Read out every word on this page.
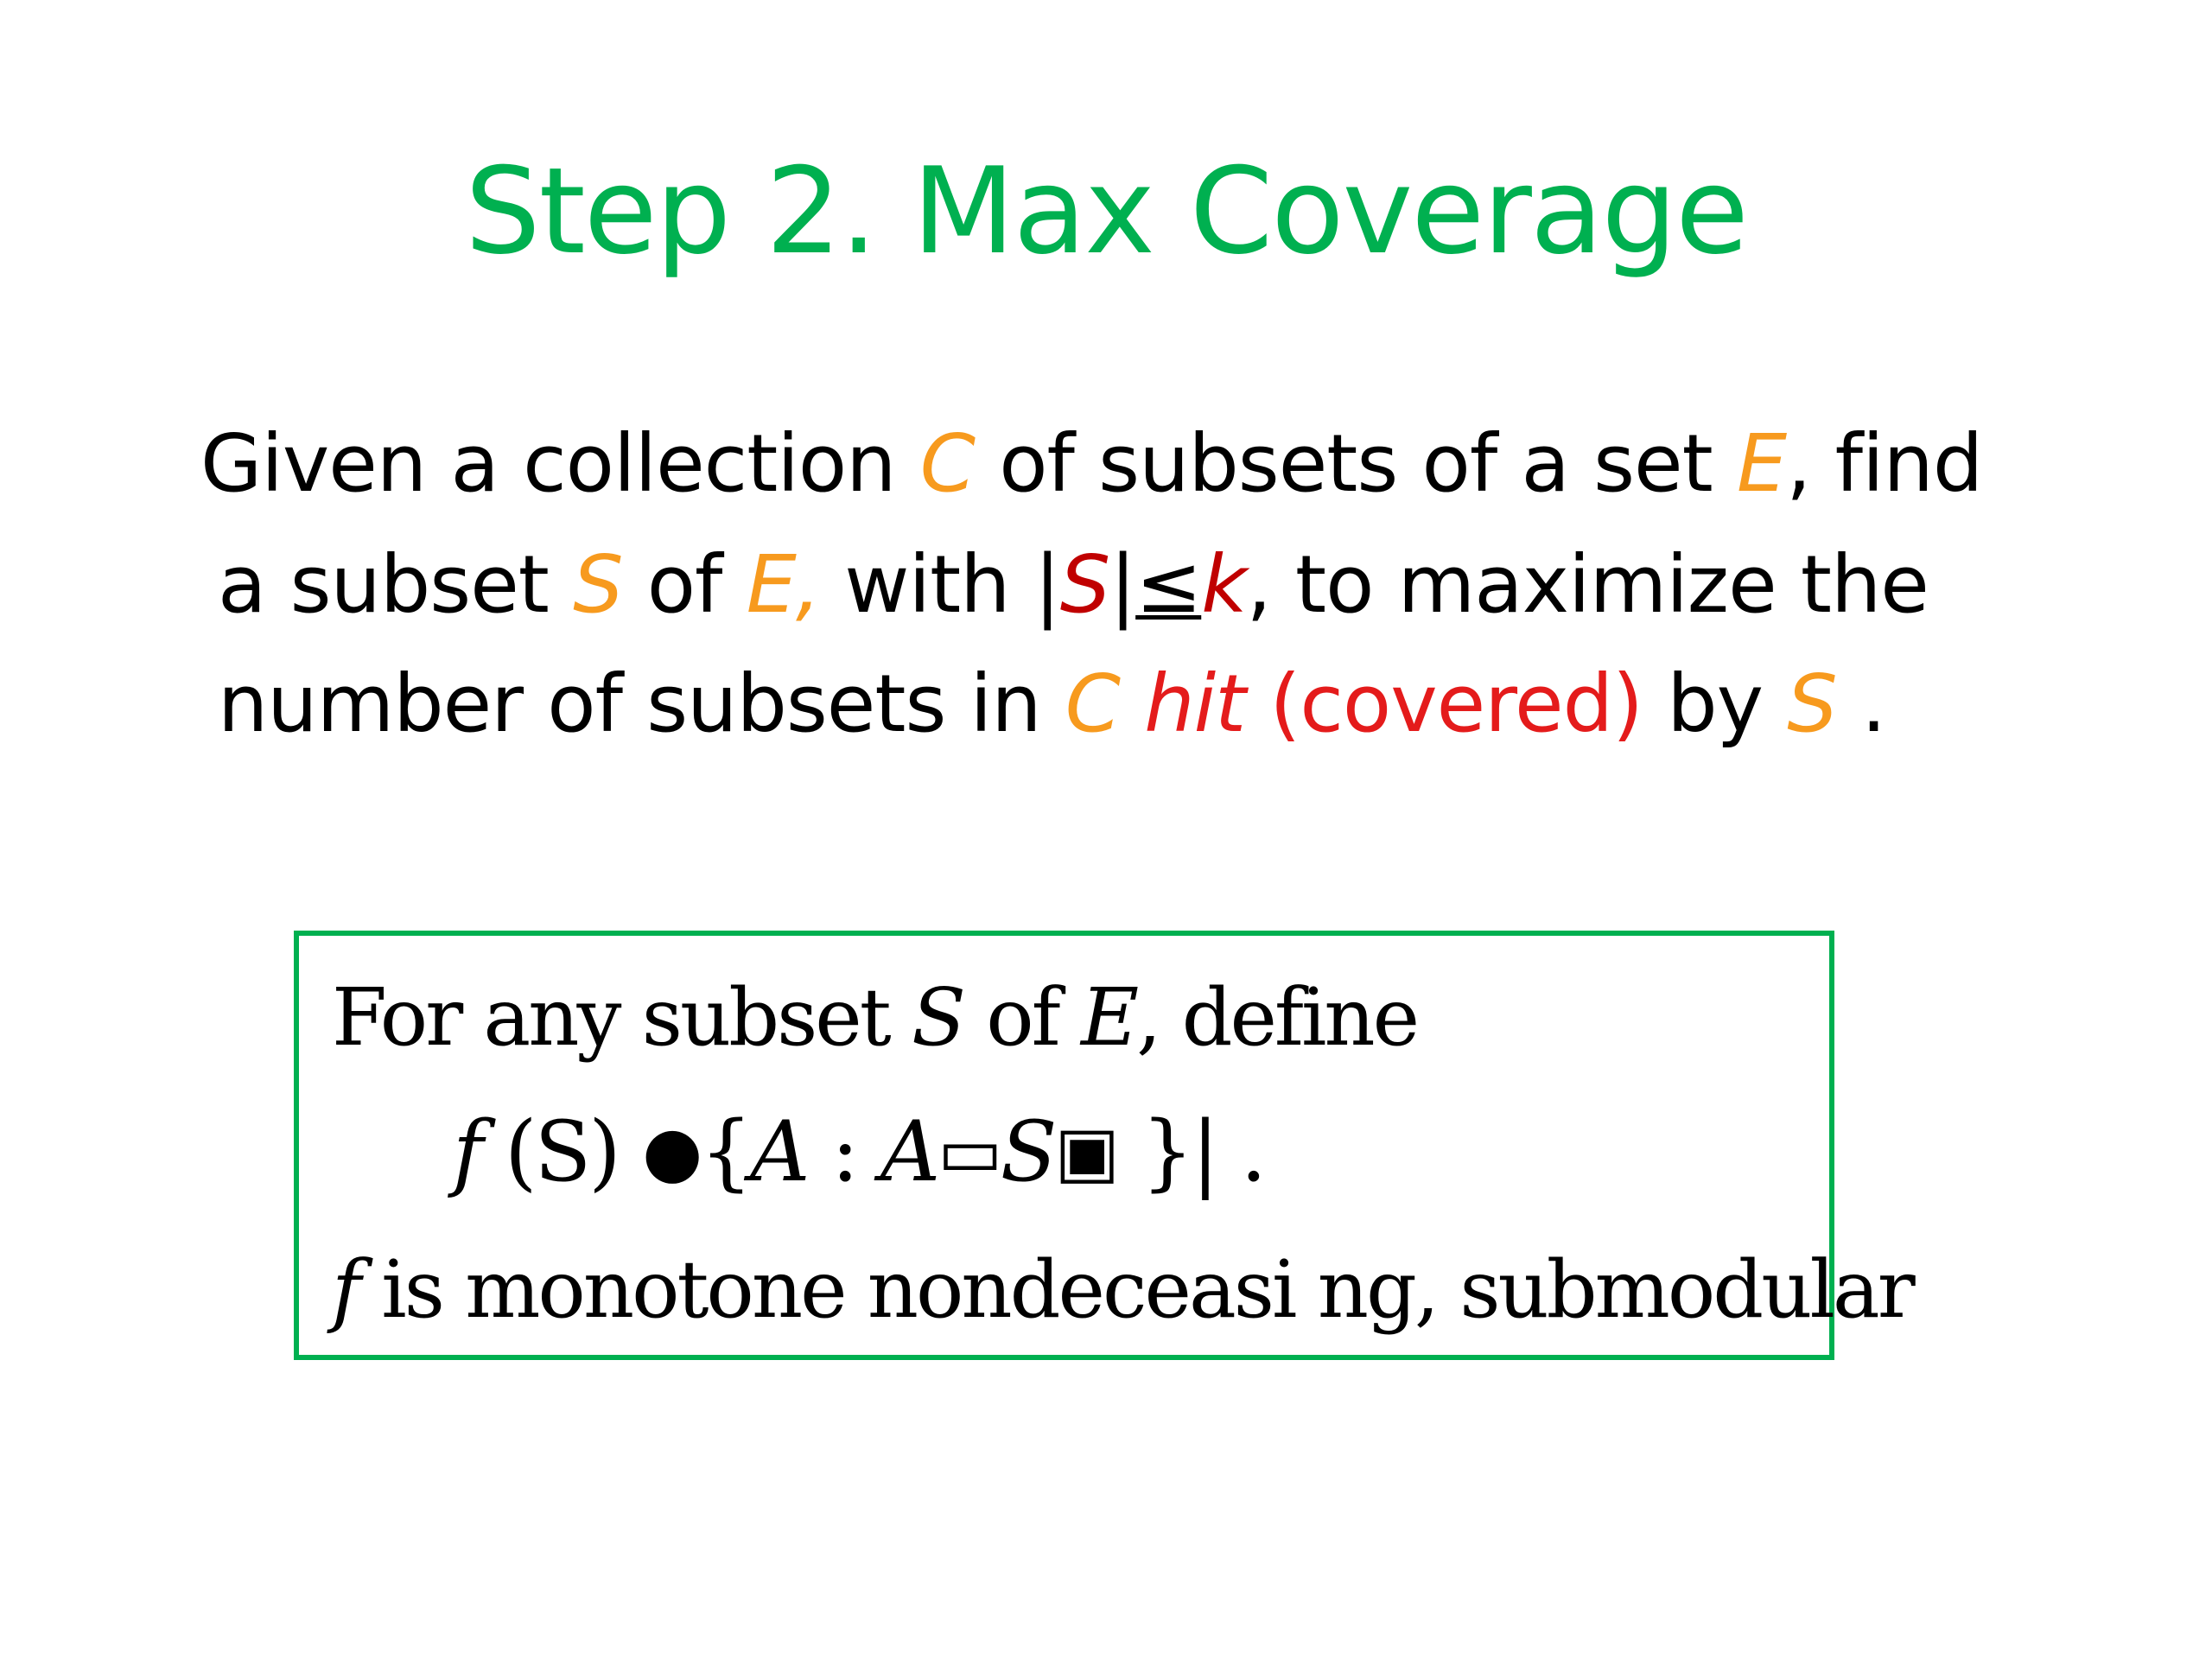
Step 2. Max Coverage
Given a collection C of subsets of a set E, find
a subset S of E, with |S|≤k, to maximize the
number of subsets in C hit (covered) by S .
For any subset S of E, define
f (S) ●{A : A▭S▣ }| .
f is monotone nondeceasi ng, submodular
